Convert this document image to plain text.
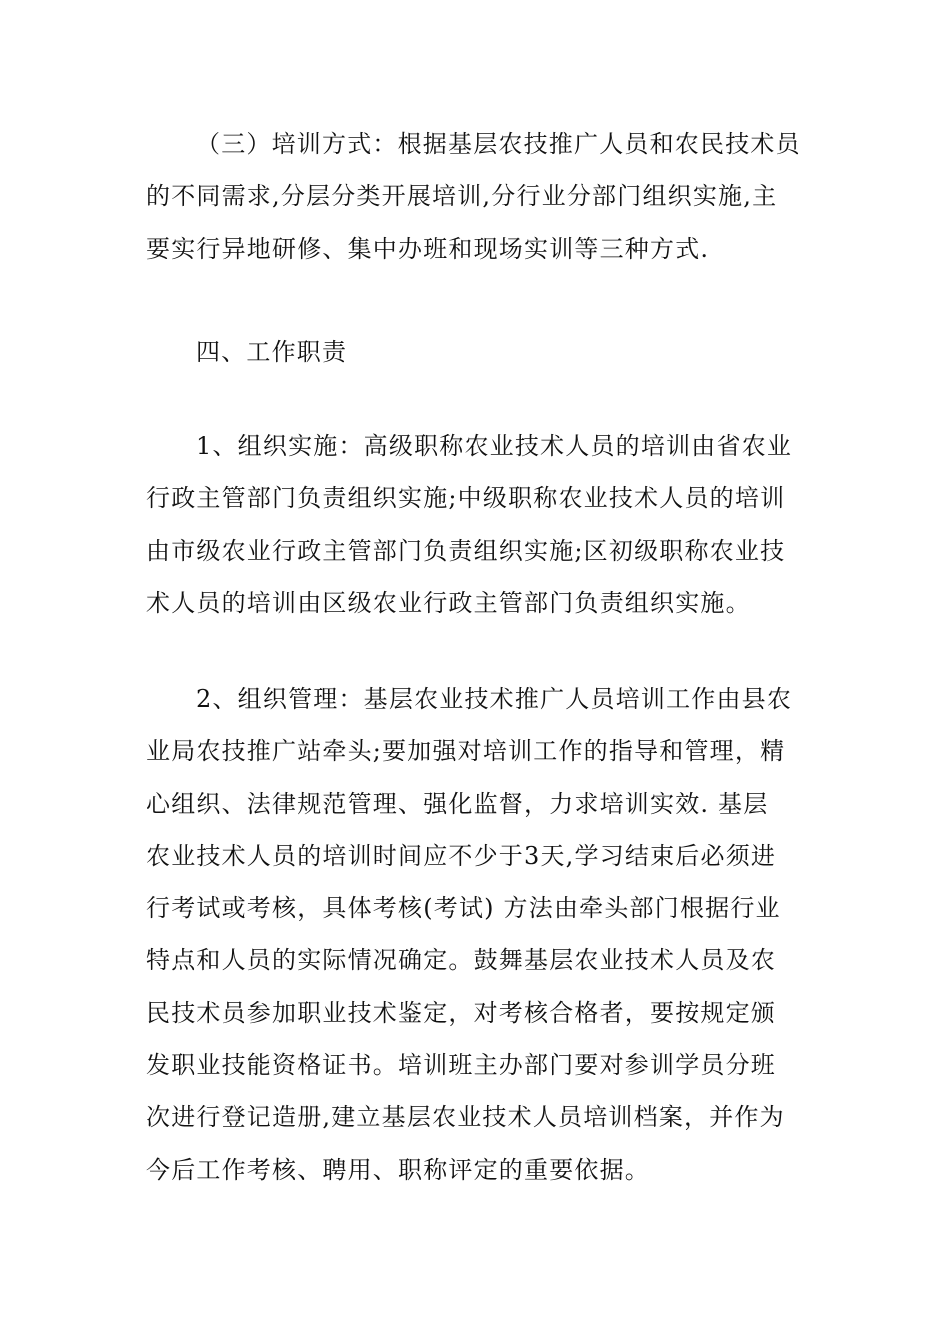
（三）培训方式：根据基层农技推广人员和农民技术员
的不同需求,分层分类开展培训,分行业分部门组织实施,主
要实行异地研修、集中办班和现场实训等三种方式.
四、工作职责
1、组织实施：高级职称农业技术人员的培训由省农业
行政主管部门负责组织实施;中级职称农业技术人员的培训
由市级农业行政主管部门负责组织实施;区初级职称农业技
术人员的培训由区级农业行政主管部门负责组织实施。
2、组织管理：基层农业技术推广人员培训工作由县农
业局农技推广站牵头;要加强对培训工作的指导和管理，精
心组织、法律规范管理、强化监督，力求培训实效. 基层
农业技术人员的培训时间应不少于3天,学习结束后必须进
行考试或考核，具体考核(考试) 方法由牵头部门根据行业
特点和人员的实际情况确定。鼓舞基层农业技术人员及农
民技术员参加职业技术鉴定，对考核合格者，要按规定颁
发职业技能资格证书。培训班主办部门要对参训学员分班
次进行登记造册,建立基层农业技术人员培训档案，并作为
今后工作考核、聘用、职称评定的重要依据。
